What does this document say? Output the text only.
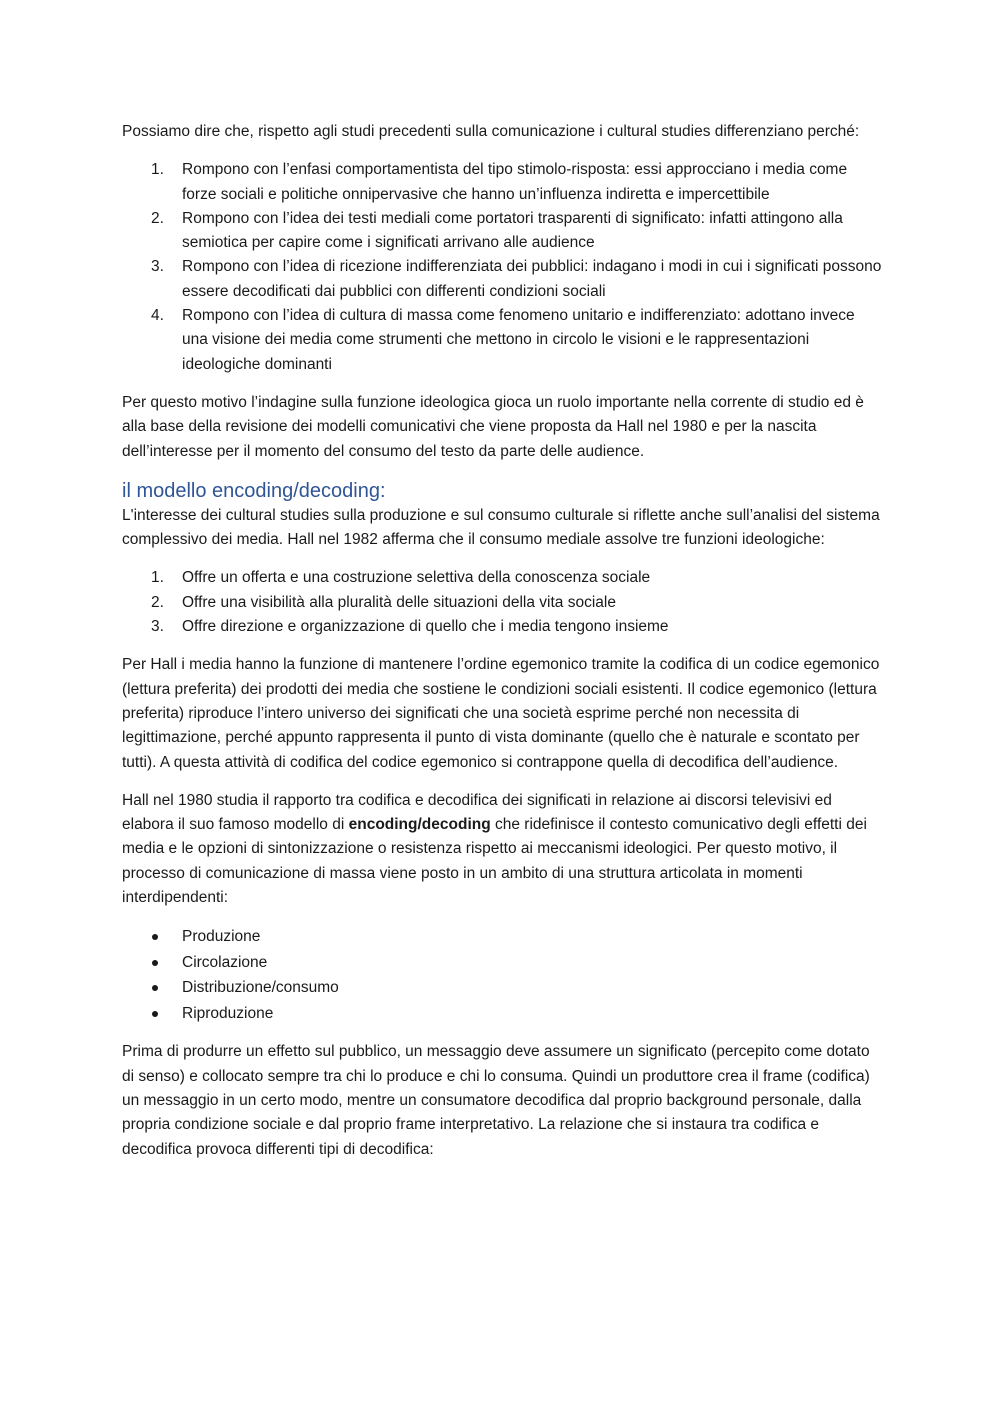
Possiamo dire che, rispetto agli studi precedenti sulla comunicazione i cultural studies differenziano perché:

1. Rompono con l’enfasi comportamentista del tipo stimolo-risposta: essi approcciano i media come forze sociali e politiche onnipervasive che hanno un’influenza indiretta e impercettibile
2. Rompono con l’idea dei testi mediali come portatori trasparenti di significato: infatti attingono alla semiotica per capire come i significati arrivano alle audience
3. Rompono con l’idea di ricezione indifferenziata dei pubblici: indagano i modi in cui i significati possono essere decodificati dai pubblici con differenti condizioni sociali
4. Rompono con l’idea di cultura di massa come fenomeno unitario e indifferenziato: adottano invece una visione dei media come strumenti che mettono in circolo le visioni e le rappresentazioni ideologiche dominanti

Per questo motivo l’indagine sulla funzione ideologica gioca un ruolo importante nella corrente di studio ed è alla base della revisione dei modelli comunicativi che viene proposta da Hall nel 1980 e per la nascita dell’interesse per il momento del consumo del testo da parte delle audience.

il modello encoding/decoding:

L'interesse dei cultural studies sulla produzione e sul consumo culturale si riflette anche sull’analisi del sistema complessivo dei media. Hall nel 1982 afferma che il consumo mediale assolve tre funzioni ideologiche:

1. Offre un offerta e una costruzione selettiva della conoscenza sociale
2. Offre una visibilità alla pluralità delle situazioni della vita sociale
3. Offre direzione e organizzazione di quello che i media tengono insieme

Per Hall i media hanno la funzione di mantenere l’ordine egemonico tramite la codifica di un codice egemonico (lettura preferita) dei prodotti dei media che sostiene le condizioni sociali esistenti. Il codice egemonico (lettura preferita) riproduce l’intero universo dei significati che una società esprime perché non necessita di legittimazione, perché appunto rappresenta il punto di vista dominante (quello che è naturale e scontato per tutti). A questa attività di codifica del codice egemonico si contrappone quella di decodifica dell’audience.

Hall nel 1980 studia il rapporto tra codifica e decodifica dei significati in relazione ai discorsi televisivi ed elabora il suo famoso modello di encoding/decoding che ridefinisce il contesto comunicativo degli effetti dei media e le opzioni di sintonizzazione o resistenza rispetto ai meccanismi ideologici. Per questo motivo, il processo di comunicazione di massa viene posto in un ambito di una struttura articolata in momenti interdipendenti:

Produzione
Circolazione
Distribuzione/consumo
Riproduzione

Prima di produrre un effetto sul pubblico, un messaggio deve assumere un significato (percepito come dotato di senso) e collocato sempre tra chi lo produce e chi lo consuma. Quindi un produttore crea il frame (codifica) un messaggio in un certo modo, mentre un consumatore decodifica dal proprio background personale, dalla propria condizione sociale e dal proprio frame interpretativo. La relazione che si instaura tra codifica e decodifica provoca differenti tipi di decodifica:
